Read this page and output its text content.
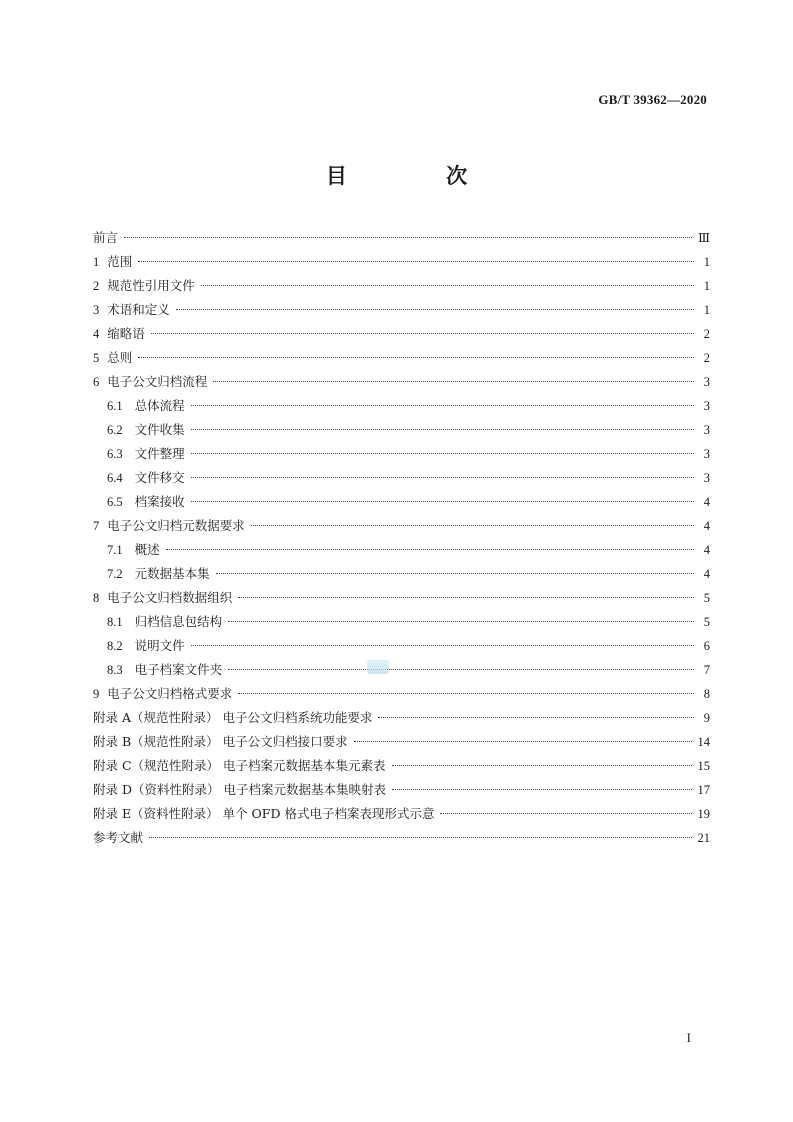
GB/T 39362—2020
目 次
前言	Ⅲ
1 范围	1
2 规范性引用文件	1
3 术语和定义	1
4 缩略语	2
5 总则	2
6 电子公文归档流程	3
6.1 总体流程	3
6.2 文件收集	3
6.3 文件整理	3
6.4 文件移交	3
6.5 档案接收	4
7 电子公文归档元数据要求	4
7.1 概述	4
7.2 元数据基本集	4
8 电子公文归档数据组织	5
8.1 归档信息包结构	5
8.2 说明文件	6
8.3 电子档案文件夹	7
9 电子公文归档格式要求	8
附录 A（规范性附录） 电子公文归档系统功能要求	9
附录 B（规范性附录） 电子公文归档接口要求	14
附录 C（规范性附录） 电子档案元数据基本集元素表	15
附录 D（资料性附录） 电子档案元数据基本集映射表	17
附录 E（资料性附录） 单个 OFD 格式电子档案表现形式示意	19
参考文献	21
I
